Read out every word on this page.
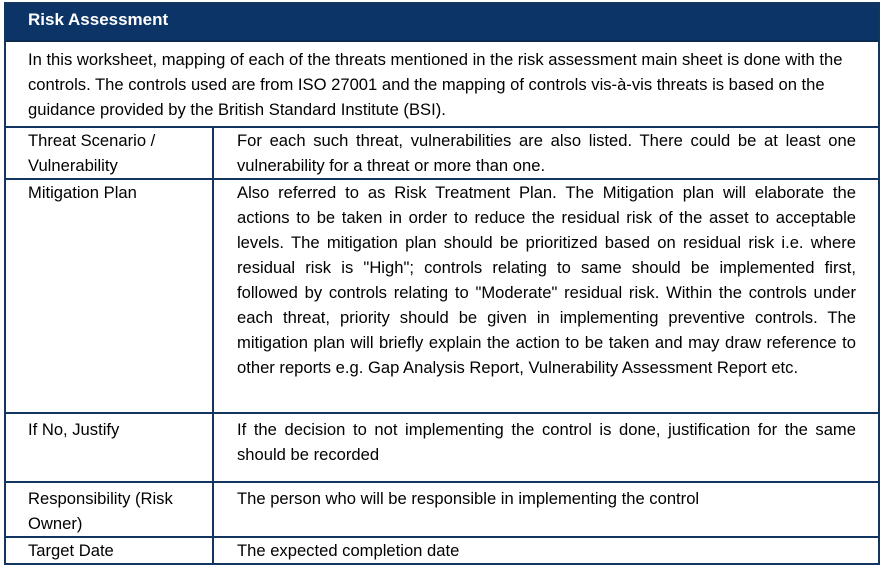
Risk Assessment
In this worksheet, mapping of each of the threats mentioned in the risk assessment main sheet is done with the controls. The controls used are from ISO 27001 and the mapping of controls vis-à-vis threats is based on the guidance provided by the British Standard Institute (BSI).
Threat Scenario / Vulnerability	For each such threat, vulnerabilities are also listed. There could be at least one vulnerability for a threat or more than one.
Mitigation Plan	Also referred to as Risk Treatment Plan. The Mitigation plan will elaborate the actions to be taken in order to reduce the residual risk of the asset to acceptable levels. The mitigation plan should be prioritized based on residual risk i.e. where residual risk is "High"; controls relating to same should be implemented first, followed by controls relating to "Moderate" residual risk. Within the controls under each threat, priority should be given in implementing preventive controls. The mitigation plan will briefly explain the action to be taken and may draw reference to other reports e.g. Gap Analysis Report, Vulnerability Assessment Report etc.
If No, Justify	If the decision to not implementing the control is done, justification for the same should be recorded
Responsibility (Risk Owner)	The person who will be responsible in implementing the control
Target Date	The expected completion date
